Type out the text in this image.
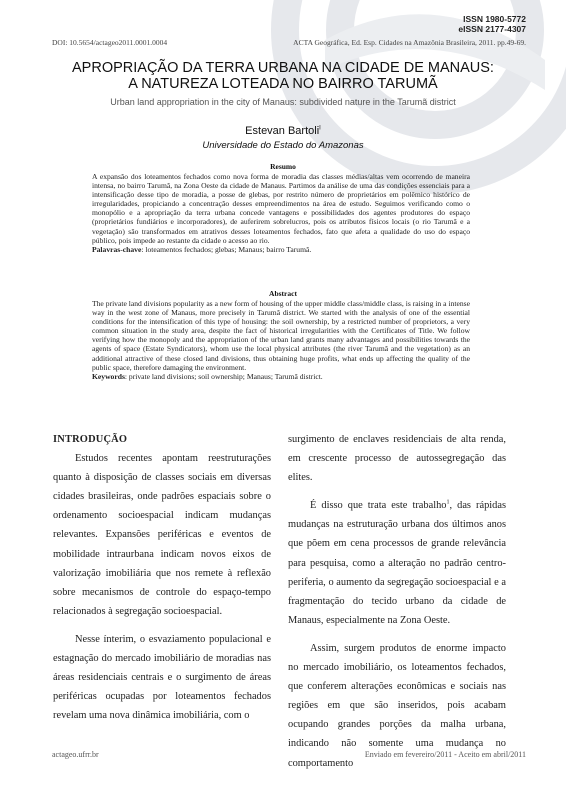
ISSN 1980-5772
eISSN 2177-4307
DOI: 10.5654/actageo2011.0001.0004	ACTA Geográfica, Ed. Esp. Cidades na Amazônia Brasileira, 2011. pp.49-69.
APROPRIAÇÃO DA TERRA URBANA NA CIDADE DE MANAUS:
A NATUREZA LOTEADA NO BAIRRO TARUMÃ
Urban land appropriation in the city of Manaus: subdivided nature in the Tarumã district
Estevan Bartoli$^I$
Universidade do Estado do Amazonas
Resumo
A expansão dos loteamentos fechados como nova forma de moradia das classes médias/altas vem ocorrendo de maneira intensa, no bairro Tarumã, na Zona Oeste da cidade de Manaus. Partimos da análise de uma das condições essenciais para a intensificação desse tipo de moradia, a posse de glebas, por restrito número de proprietários em polêmico histórico de irregularidades, propiciando a concentração desses empreendimentos na área de estudo. Seguimos verificando como o monopólio e a apropriação da terra urbana concede vantagens e possibilidades dos agentes produtores do espaço (proprietários fundiários e incorporadores), de auferirem sobrelucros, pois os atributos físicos locais (o rio Tarumã e a vegetação) são transformados em atrativos desses loteamentos fechados, fato que afeta a qualidade do uso do espaço público, pois impede ao restante da cidade o acesso ao rio.
Palavras-chave: loteamentos fechados; glebas; Manaus; bairro Tarumã.
Abstract
The private land divisions popularity as a new form of housing of the upper middle class/middle class, is raising in a intense way in the west zone of Manaus, more precisely in Tarumã district. We started with the analysis of one of the essential conditions for the intensification of this type of housing: the soil ownership, by a restricted number of proprietors, a very common situation in the study area, despite the fact of historical irregularities with the Certificates of Title. We follow verifying how the monopoly and the appropriation of the urban land grants many advantages and possibilities towards the agents of space (Estate Syndicators), whom use the local physical attributes (the river Tarumã and the vegetation) as an additional attractive of these closed land divisions, thus obtaining huge profits, what ends up affecting the quality of the public space, therefore damaging the environment.
Keywords: private land divisions; soil ownership; Manaus; Tarumã district.

INTRODUÇÃO

Estudos recentes apontam reestruturações quanto à disposição de classes sociais em diversas cidades brasileiras, onde padrões espaciais sobre o ordenamento socioespacial indicam mudanças relevantes. Expansões periféricas e eventos de mobilidade intraurbana indicam novos eixos de valorização imobiliária que nos remete à reflexão sobre mecanismos de controle do espaço-tempo relacionados à segregação socioespacial.

Nesse ínterim, o esvaziamento populacional e estagnação do mercado imobiliário de moradias nas áreas residenciais centrais e o surgimento de áreas periféricas ocupadas por loteamentos fechados revelam uma nova dinâmica imobiliária, com o

surgimento de enclaves residenciais de alta renda, em crescente processo de autossegregação das elites.

É disso que trata este trabalho$^1$, das rápidas mudanças na estruturação urbana dos últimos anos que põem em cena processos de grande relevância para pesquisa, como a alteração no padrão centro-periferia, o aumento da segregação socioespacial e a fragmentação do tecido urbano da cidade de Manaus, especialmente na Zona Oeste.

Assim, surgem produtos de enorme impacto no mercado imobiliário, os loteamentos fechados, que conferem alterações econômicas e sociais nas regiões em que são inseridos, pois acabam ocupando grandes porções da malha urbana, indicando não somente uma mudança no comportamento

actageo.ufrr.br	Enviado em fevereiro/2011 - Aceito em abril/2011
